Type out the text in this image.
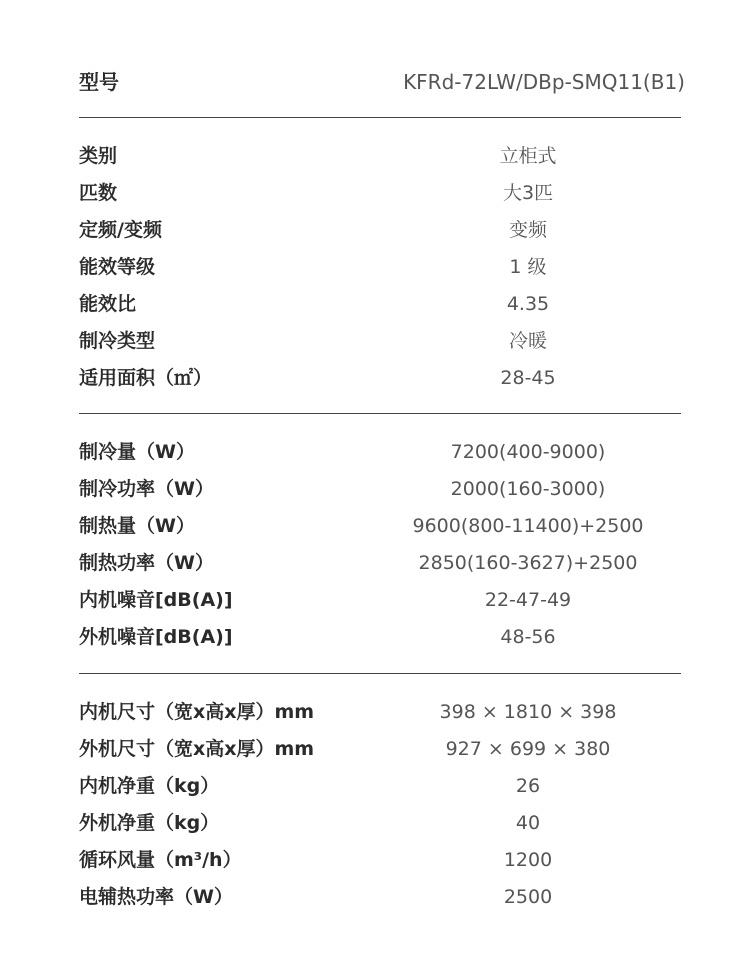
型号	KFRd-72LW/DBp-SMQ11(B1)
类别	立柜式
匹数	大3匹
定频/变频	变频
能效等级	1 级
能效比	4.35
制冷类型	冷暖
适用面积（㎡）	28-45
制冷量（W）	7200(400-9000)
制冷功率（W）	2000(160-3000)
制热量（W）	9600(800-11400)+2500
制热功率（W）	2850(160-3627)+2500
内机噪音[dB(A)]	22-47-49
外机噪音[dB(A)]	48-56
内机尺寸（宽x高x厚）mm	398 × 1810 × 398
外机尺寸（宽x高x厚）mm	927 × 699 × 380
内机净重（kg）	26
外机净重（kg）	40
循环风量（m³/h）	1200
电辅热功率（W）	2500
